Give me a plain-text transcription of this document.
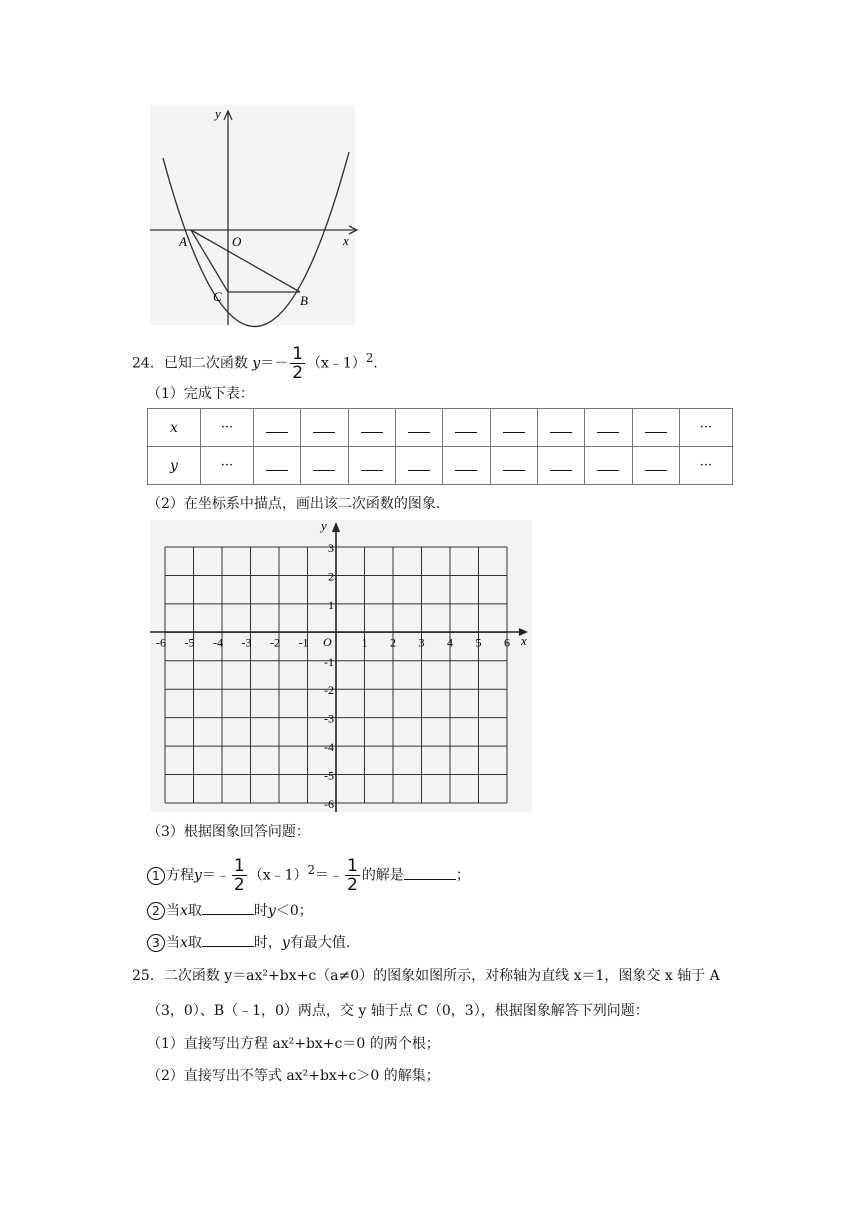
y
x
A	O
C	B
24．已知二次函数 $y=- \frac{1}{2}$ （x﹣1）$^2$.
（1）完成下表：
x	···										···
y	···										···
（2）在坐标系中描点，画出该二次函数的图象.
y
x
O
-6 -5 -4 -3 -2 -1	1 2 3 4 5 6
3
2
1
-1
-2
-3
-4
-5
-6
（3）根据图象回答问题：
1 方程y＝﹣ $\frac{1}{2}$ （x﹣1）$^2$＝﹣ $\frac{1}{2}$ 的解是	；
2 当x取	时y＜0；
3 当x取	时，y有最大值.
25．二次函数 y＝ax²+bx+c（a≠0）的图象如图所示，对称轴为直线 x＝1，图象交 x 轴于 A
（3，0）、B（﹣1，0）两点，交 y 轴于点 C（0，3），根据图象解答下列问题：
（1）直接写出方程 ax²+bx+c＝0 的两个根；
（2）直接写出不等式 ax²+bx+c＞0 的解集；
